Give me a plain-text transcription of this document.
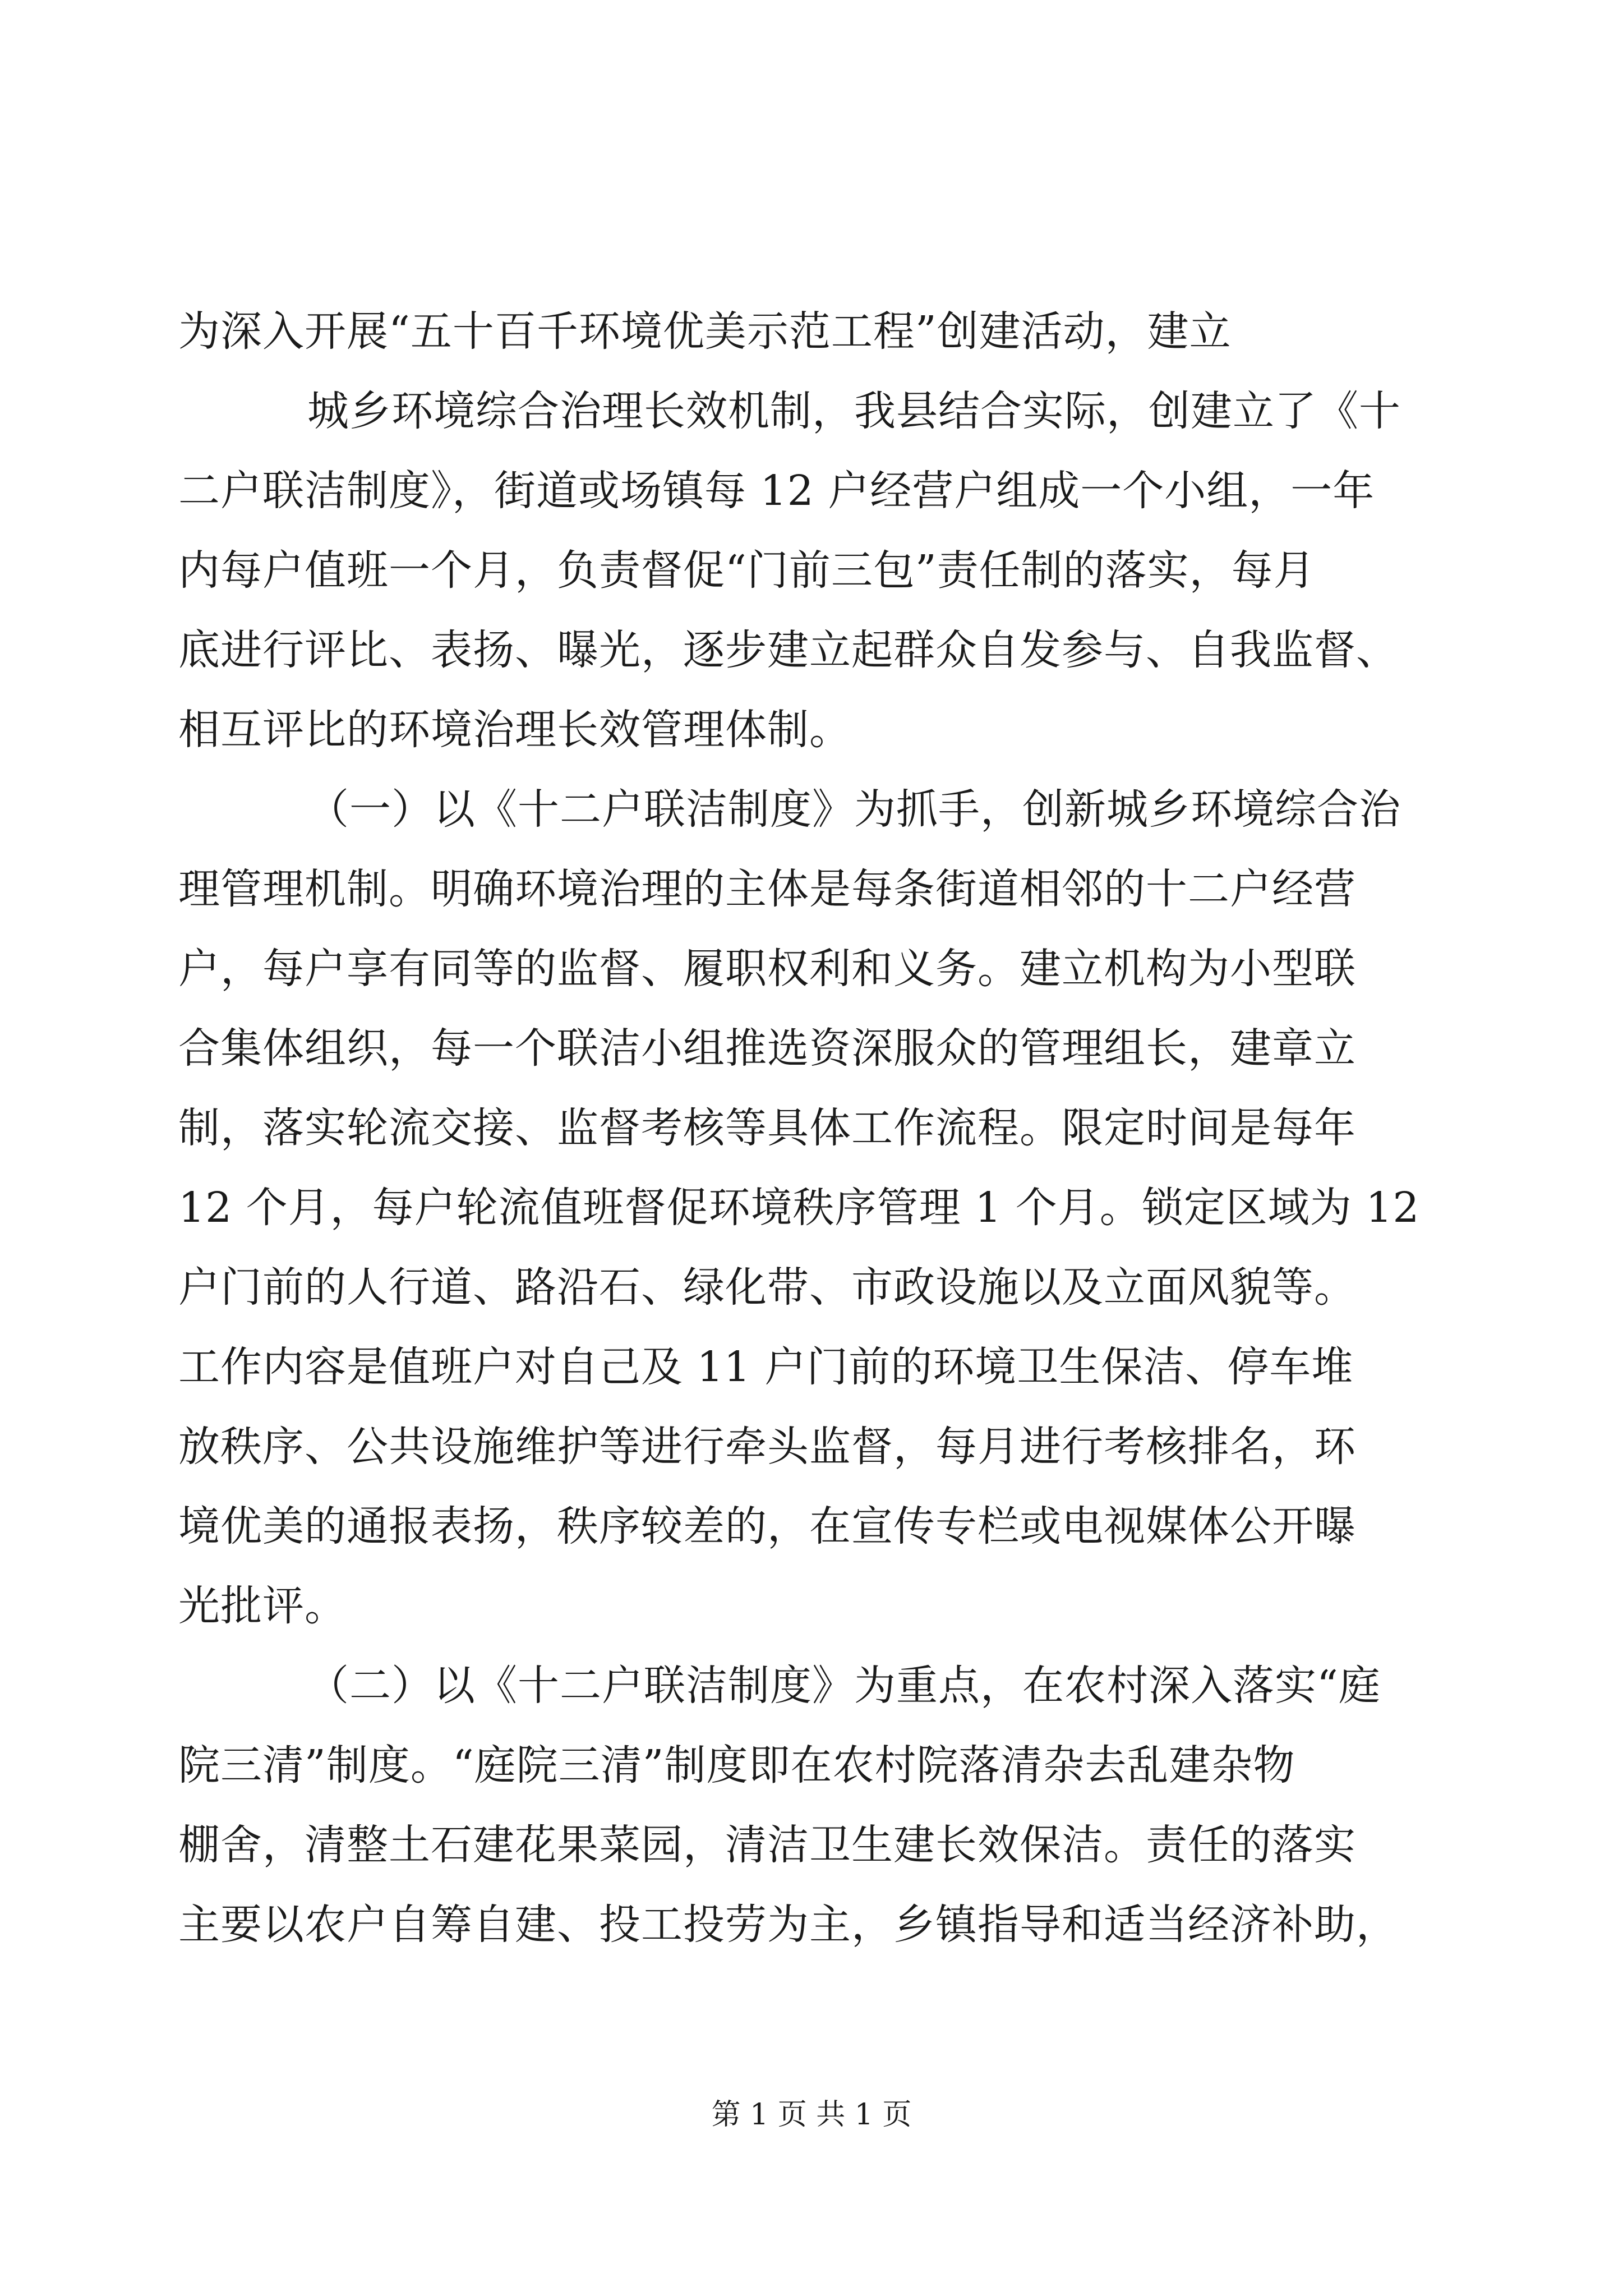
为深入开展“五十百千环境优美示范工程”创建活动，建立
城乡环境综合治理长效机制，我县结合实际，创建立了《十
二户联洁制度》，街道或场镇每 12 户经营户组成一个小组，一年
内每户值班一个月，负责督促“门前三包”责任制的落实，每月
底进行评比、表扬、曝光，逐步建立起群众自发参与、自我监督、
相互评比的环境治理长效管理体制。
（一）以《十二户联洁制度》为抓手，创新城乡环境综合治
理管理机制。明确环境治理的主体是每条街道相邻的十二户经营
户，每户享有同等的监督、履职权利和义务。建立机构为小型联
合集体组织，每一个联洁小组推选资深服众的管理组长，建章立
制，落实轮流交接、监督考核等具体工作流程。限定时间是每年
12 个月，每户轮流值班督促环境秩序管理 1 个月。锁定区域为 12
户门前的人行道、路沿石、绿化带、市政设施以及立面风貌等。
工作内容是值班户对自己及 11 户门前的环境卫生保洁、停车堆
放秩序、公共设施维护等进行牵头监督，每月进行考核排名，环
境优美的通报表扬，秩序较差的，在宣传专栏或电视媒体公开曝
光批评。
（二）以《十二户联洁制度》为重点，在农村深入落实“庭
院三清”制度。“庭院三清”制度即在农村院落清杂去乱建杂物
棚舍，清整土石建花果菜园，清洁卫生建长效保洁。责任的落实
主要以农户自筹自建、投工投劳为主，乡镇指导和适当经济补助，
第 1 页 共 1 页
